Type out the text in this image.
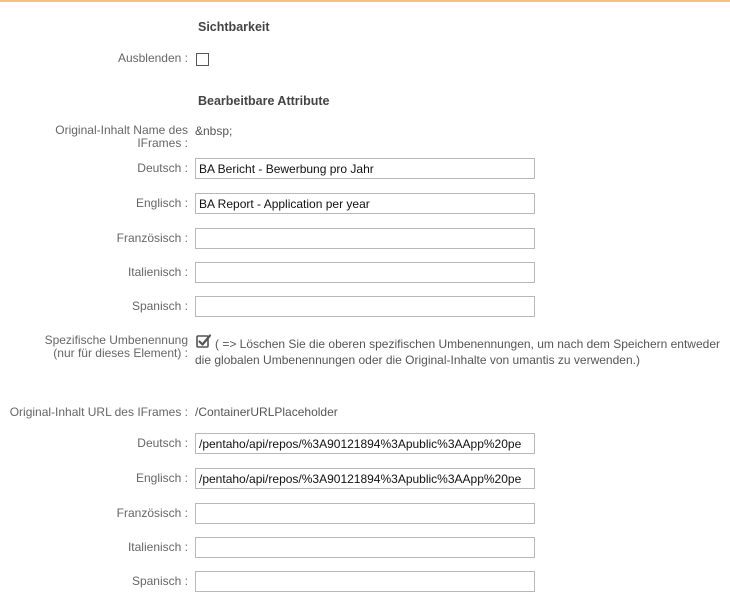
Sichtbarkeit
Ausblenden :
Bearbeitbare Attribute
Original-Inhalt Name des IFrames :
&nbsp;
Deutsch :
BA Bericht - Bewerbung pro Jahr
Englisch :
BA Report - Application per year
Französisch :
Italienisch :
Spanisch :
Spezifische Umbenennung (nur für dieses Element) :
( => Löschen Sie die oberen spezifischen Umbenennungen, um nach dem Speichern entweder die globalen Umbenennungen oder die Original-Inhalte von umantis zu verwenden.)
Original-Inhalt URL des IFrames : /ContainerURLPlaceholder
Deutsch :
/pentaho/api/repos/%3A90121894%3Apublic%3AApp%20pe
Englisch :
/pentaho/api/repos/%3A90121894%3Apublic%3AApp%20pe
Französisch :
Italienisch :
Spanisch :
